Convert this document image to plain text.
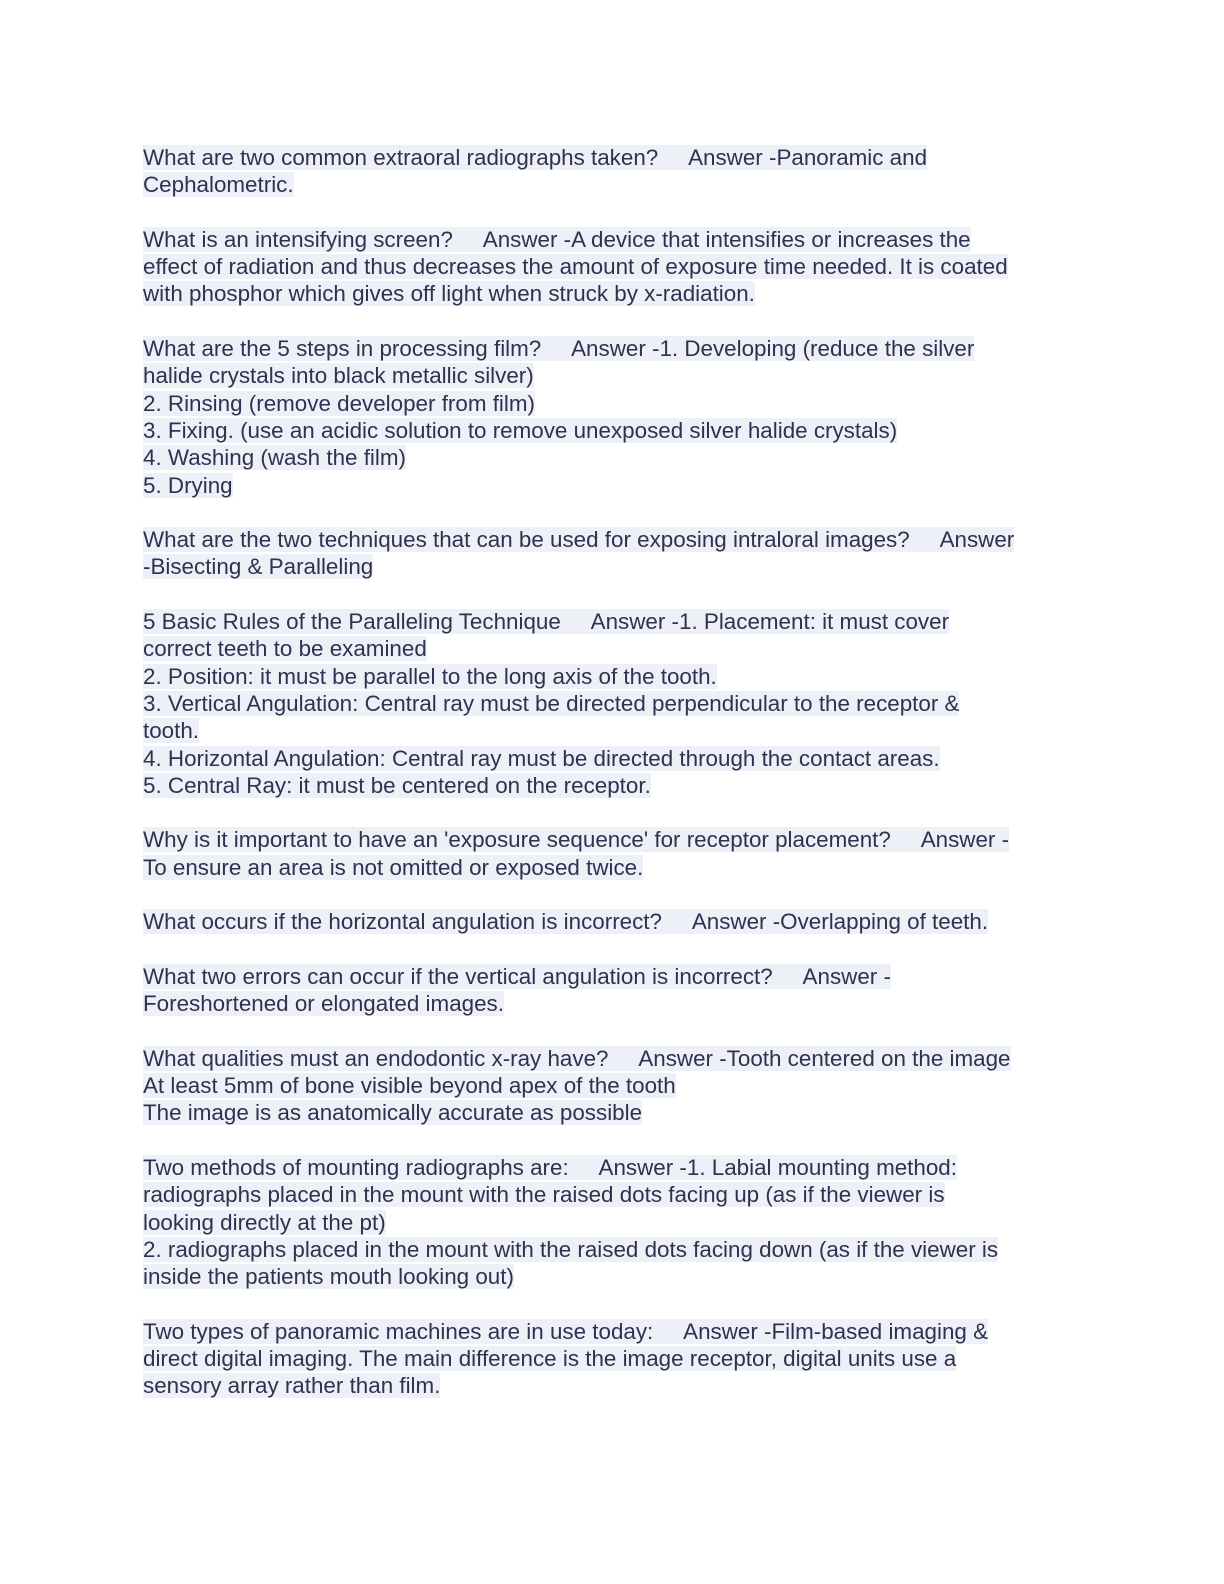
What are two common extraoral radiographs taken?     Answer -Panoramic and
Cephalometric.
What is an intensifying screen?     Answer -A device that intensifies or increases the
effect of radiation and thus decreases the amount of exposure time needed. It is coated
with phosphor which gives off light when struck by x-radiation.
What are the 5 steps in processing film?     Answer -1. Developing (reduce the silver
halide crystals into black metallic silver)
2. Rinsing (remove developer from film)
3. Fixing. (use an acidic solution to remove unexposed silver halide crystals)
4. Washing (wash the film)
5. Drying
What are the two techniques that can be used for exposing intraloral images?     Answer
-Bisecting & Paralleling
5 Basic Rules of the Paralleling Technique     Answer -1. Placement: it must cover
correct teeth to be examined
2. Position: it must be parallel to the long axis of the tooth.
3. Vertical Angulation: Central ray must be directed perpendicular to the receptor &
tooth.
4. Horizontal Angulation: Central ray must be directed through the contact areas.
5. Central Ray: it must be centered on the receptor.
Why is it important to have an 'exposure sequence' for receptor placement?     Answer -
To ensure an area is not omitted or exposed twice.
What occurs if the horizontal angulation is incorrect?     Answer -Overlapping of teeth.
What two errors can occur if the vertical angulation is incorrect?     Answer -
Foreshortened or elongated images.
What qualities must an endodontic x-ray have?     Answer -Tooth centered on the image
At least 5mm of bone visible beyond apex of the tooth
The image is as anatomically accurate as possible
Two methods of mounting radiographs are:     Answer -1. Labial mounting method:
radiographs placed in the mount with the raised dots facing up (as if the viewer is
looking directly at the pt)
2. radiographs placed in the mount with the raised dots facing down (as if the viewer is
inside the patients mouth looking out)
Two types of panoramic machines are in use today:     Answer -Film-based imaging &
direct digital imaging. The main difference is the image receptor, digital units use a
sensory array rather than film.
